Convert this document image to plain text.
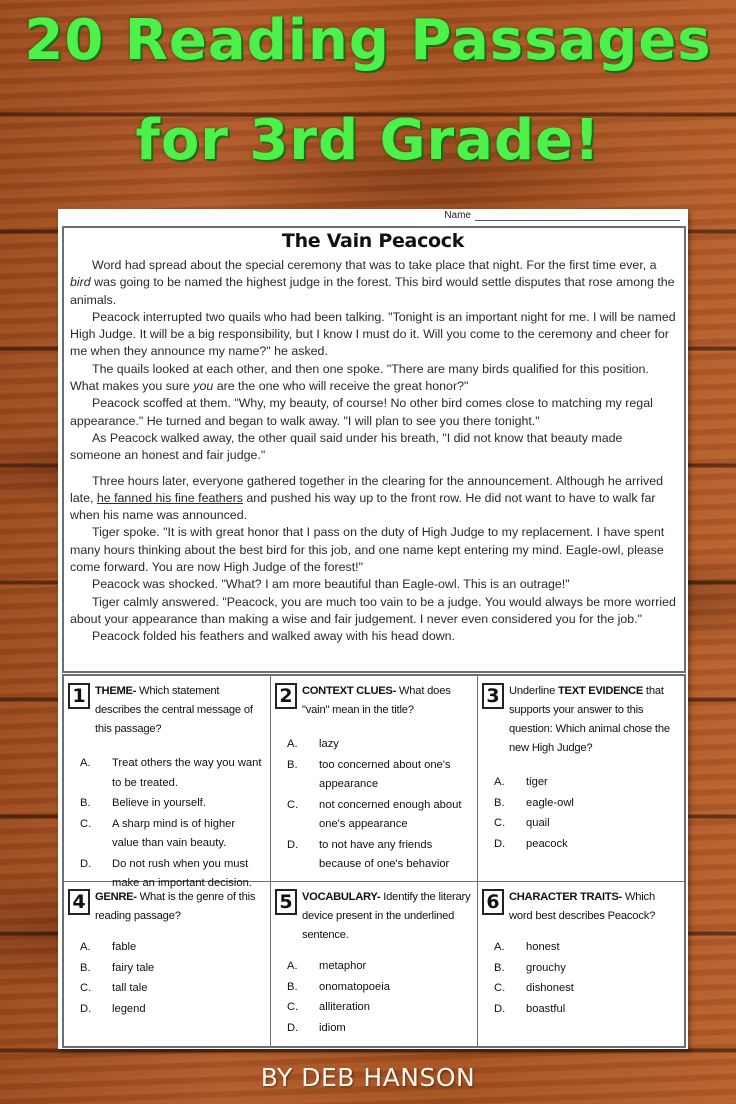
20 Reading Passages
for 3rd Grade!
Name
The Vain Peacock

Word had spread about the special ceremony that was to take place that night. For the first time ever, a bird was going to be named the highest judge in the forest. This bird would settle disputes that rose among the animals.

Peacock interrupted two quails who had been talking. "Tonight is an important night for me. I will be named High Judge. It will be a big responsibility, but I know I must do it. Will you come to the ceremony and cheer for me when they announce my name?" he asked.

The quails looked at each other, and then one spoke. "There are many birds qualified for this position. What makes you sure you are the one who will receive the great honor?"

Peacock scoffed at them. "Why, my beauty, of course! No other bird comes close to matching my regal appearance." He turned and began to walk away. "I will plan to see you there tonight."

As Peacock walked away, the other quail said under his breath, "I did not know that beauty made someone an honest and fair judge."

Three hours later, everyone gathered together in the clearing for the announcement. Although he arrived late, he fanned his fine feathers and pushed his way up to the front row. He did not want to have to walk far when his name was announced.

Tiger spoke. "It is with great honor that I pass on the duty of High Judge to my replacement. I have spent many hours thinking about the best bird for this job, and one name kept entering my mind. Eagle-owl, please come forward. You are now High Judge of the forest!"

Peacock was shocked. "What? I am more beautiful than Eagle-owl. This is an outrage!"

Tiger calmly answered. "Peacock, you are much too vain to be a judge. You would always be more worried about your appearance than making a wise and fair judgement. I never even considered you for the job."

Peacock folded his feathers and walked away with his head down.

1 THEME- Which statement describes the central message of this passage?
A.	Treat others the way you want to be treated.
B.	Believe in yourself.
C.	A sharp mind is of higher value than vain beauty.
D.	Do not rush when you must make an important decision.
2 CONTEXT CLUES- What does "vain" mean in the title?
A.	lazy
B.	too concerned about one's appearance
C.	not concerned enough about one's appearance
D.	to not have any friends because of one's behavior
3 Underline TEXT EVIDENCE that supports your answer to this question: Which animal chose the new High Judge?
A.	tiger
B.	eagle-owl
C.	quail
D.	peacock
4 GENRE- What is the genre of this reading passage?
A.	fable
B.	fairy tale
C.	tall tale
D.	legend
5 VOCABULARY- Identify the literary device present in the underlined sentence.
A.	metaphor
B.	onomatopoeia
C.	alliteration
D.	idiom
6 CHARACTER TRAITS- Which word best describes Peacock?
A.	honest
B.	grouchy
C.	dishonest
D.	boastful
BY DEB HANSON
